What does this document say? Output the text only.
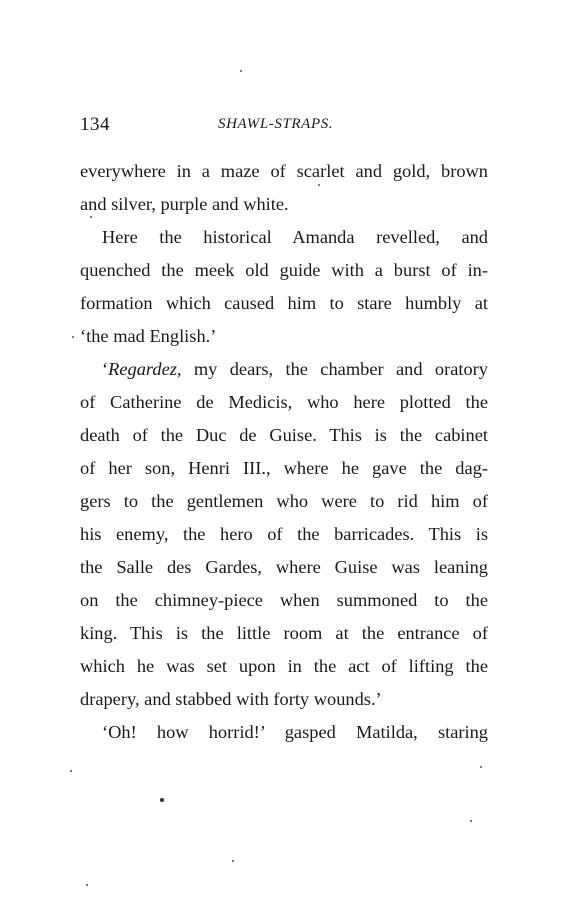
134	SHAWL-STRAPS.
everywhere in a maze of scarlet and gold, brown
and silver, purple and white.
Here the historical Amanda revelled, and
quenched the meek old guide with a burst of in-
formation which caused him to stare humbly at
‘the mad English.’
‘Regardez, my dears, the chamber and oratory
of Catherine de Medicis, who here plotted the
death of the Duc de Guise. This is the cabinet
of her son, Henri III., where he gave the dag-
gers to the gentlemen who were to rid him of
his enemy, the hero of the barricades. This is
the Salle des Gardes, where Guise was leaning
on the chimney-piece when summoned to the
king. This is the little room at the entrance of
which he was set upon in the act of lifting the
drapery, and stabbed with forty wounds.’
‘Oh! how horrid!’ gasped Matilda, staring
